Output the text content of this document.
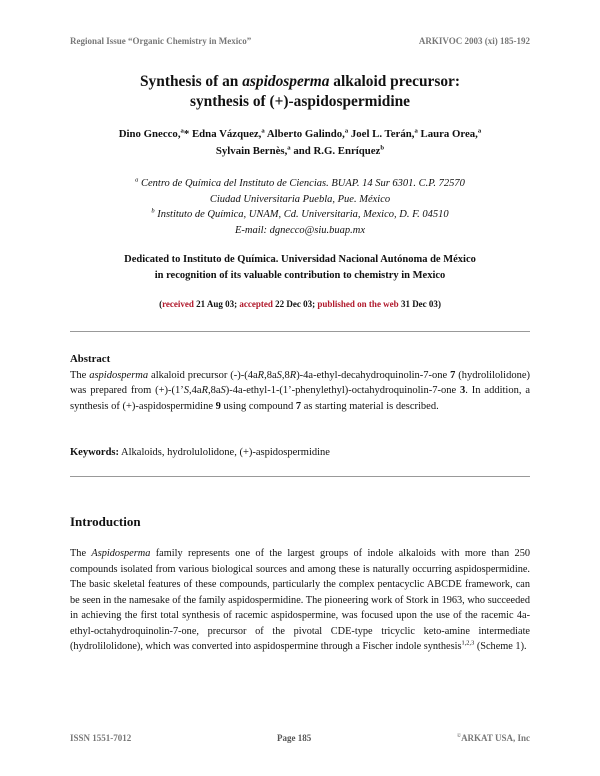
Regional Issue “Organic Chemistry in Mexico”	ARKIVOC 2003 (xi) 185-192
Synthesis of an aspidosperma alkaloid precursor:
synthesis of (+)-aspidospermidine
Dino Gnecco,$^a$* Edna Vázquez,$^a$ Alberto Galindo,$^a$ Joel L. Terán,$^a$ Laura Orea,$^a$
Sylvain Bernès,$^a$ and R.G. Enríquez$^b$
$^a$ Centro de Química del Instituto de Ciencias. BUAP. 14 Sur 6301. C.P. 72570
Ciudad Universitaria Puebla, Pue. México
$^b$ Instituto de Química, UNAM, Cd. Universitaria, Mexico, D. F. 04510
E-mail: dgnecco@siu.buap.mx
Dedicated to Instituto de Química. Universidad Nacional Autónoma de México
in recognition of its valuable contribution to chemistry in Mexico
(received 21 Aug 03; accepted 22 Dec 03; published on the web 31 Dec 03)
Abstract

The aspidosperma alkaloid precursor (-)-(4aR,8aS,8R)-4a-ethyl-decahydroquinolin-7-one 7 (hydrolilolidone) was prepared from (+)-(1’S,4aR,8aS)-4a-ethyl-1-(1’-phenylethyl)-octahydroquinolin-7-one 3. In addition, a synthesis of (+)-aspidospermidine 9 using compound 7 as starting material is described.

Keywords: Alkaloids, hydrolulolidone, (+)-aspidospermidine
Introduction

The Aspidosperma family represents one of the largest groups of indole alkaloids with more than 250 compounds isolated from various biological sources and among these is naturally occurring aspidospermidine. The basic skeletal features of these compounds, particularly the complex pentacyclic ABCDE framework, can be seen in the namesake of the family aspidospermidine. The pioneering work of Stork in 1963, who succeeded in achieving the first total synthesis of racemic aspidospermine, was focused upon the use of the racemic 4a-ethyl-octahydroquinolin-7-one, precursor of the pivotal CDE-type tricyclic keto-amine intermediate (hydrolilolidone), which was converted into aspidospermine through a Fischer indole synthesis$^{1,2,3}$ (Scheme 1).

ISSN 1551-7012	Page 185	©ARKAT USA, Inc
